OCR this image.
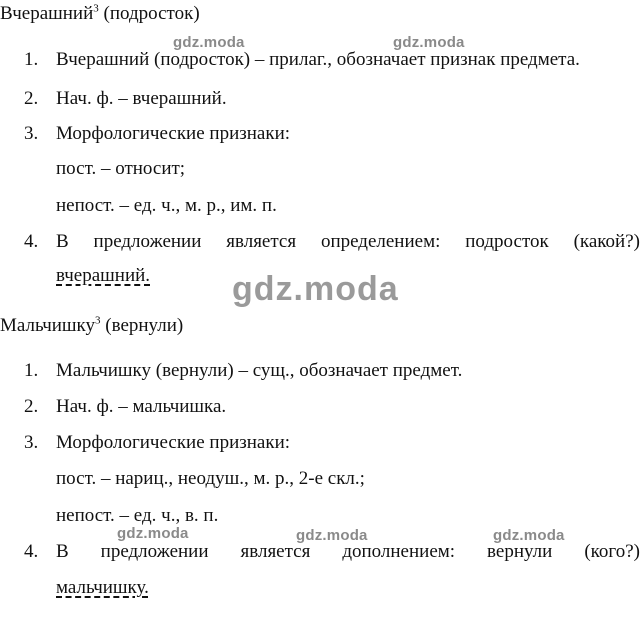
Вчерашний$^3$ (подросток)
1. Вчерашний (подросток) – прилаг., обозначает признак предмета.
2. Нач. ф. – вчерашний.
3. Морфологические признаки:
пост. – относит;
непост. – ед. ч., м. р., им. п.
4. В предложении является определением: подросток (какой?)
вчерашний.
Мальчишку$^3$ (вернули)
1. Мальчишку (вернули) – сущ., обозначает предмет.
2. Нач. ф. – мальчишка.
3. Морфологические признаки:
пост. – нариц., неодуш., м. р., 2-е скл.;
непост. – ед. ч., в. п.
4. В предложении является дополнением: вернули (кого?)
мальчишку.
gdz.moda	gdz.moda
gdz.moda
gdz.moda	gdz.moda	gdz.moda
